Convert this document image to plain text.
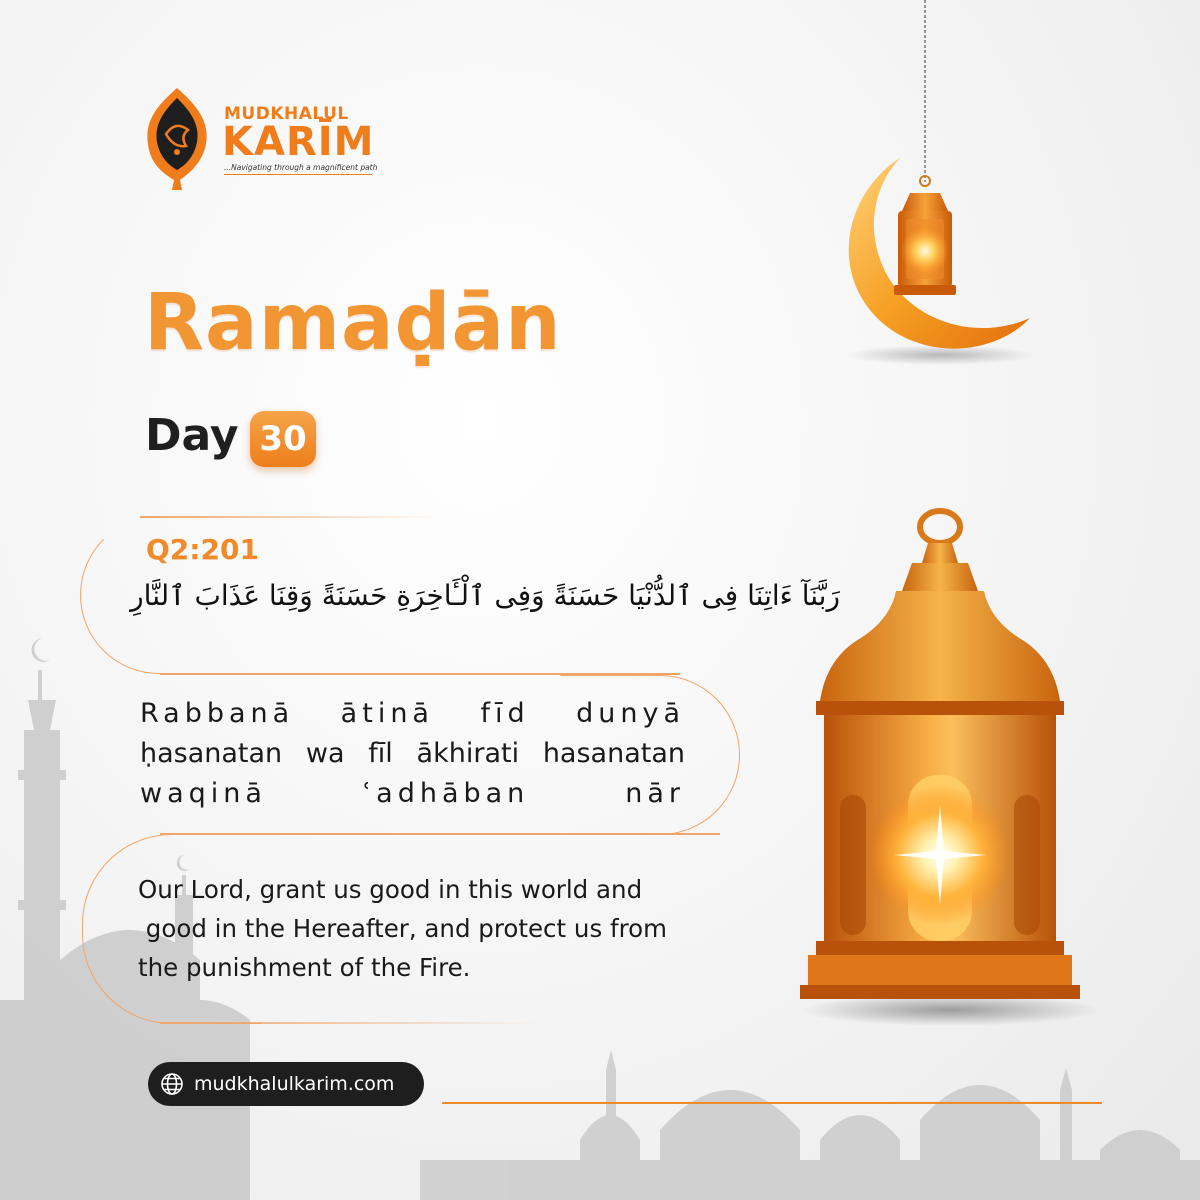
MUDKHALUL
KARĪM
...Navigating through a magnificent path
Ramaḍān
Day 30
Q2:201
رَبَّنَآ ءَاتِنَا فِى ٱلدُّنْيَا حَسَنَةً وَفِى ٱلْـَٔاخِرَةِ حَسَنَةً وَقِنَا عَذَابَ ٱلنَّارِ
Rabbanā ātinā fīd dunyā
ḥasanatan wa fīl ākhirati hasanatan
waqinā ʿadhāban nār
Our Lord, grant us good in this world and
good in the Hereafter, and protect us from
the punishment of the Fire.
mudkhalulkarim.com
